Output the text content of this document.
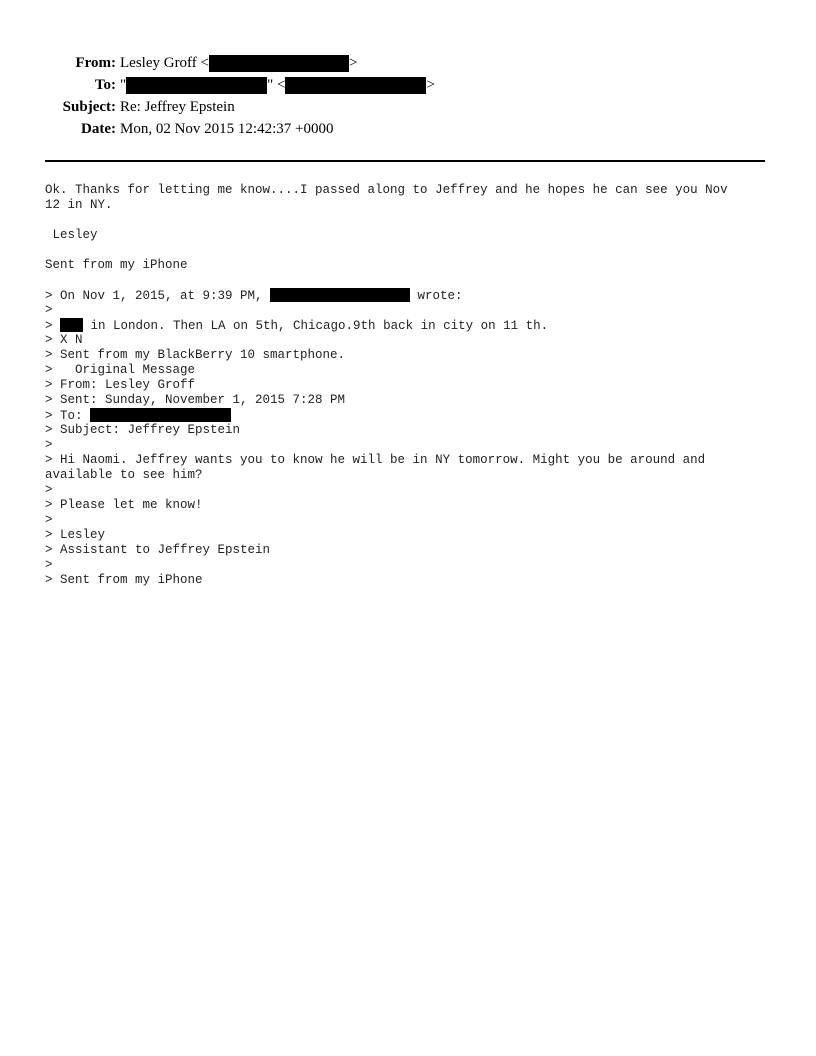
From: Lesley Groff <	>
To: "	" <	>
Subject: Re: Jeffrey Epstein
Date: Mon, 02 Nov 2015 12:42:37 +0000
Ok. Thanks for letting me know....I passed along to Jeffrey and he hopes he can see you Nov
12 in NY.
Lesley
Sent from my iPhone
> On Nov 1, 2015, at 9:39 PM,	wrote:
>
>  in London. Then LA on 5th, Chicago.9th back in city on 11 th.
> X N
> Sent from my BlackBerry 10 smartphone.
>   Original Message
> From: Lesley Groff
> Sent: Sunday, November 1, 2015 7:28 PM
> To:
> Subject: Jeffrey Epstein
>
> Hi Naomi. Jeffrey wants you to know he will be in NY tomorrow. Might you be around and
available to see him?
>
> Please let me know!
>
> Lesley
> Assistant to Jeffrey Epstein
>
> Sent from my iPhone
